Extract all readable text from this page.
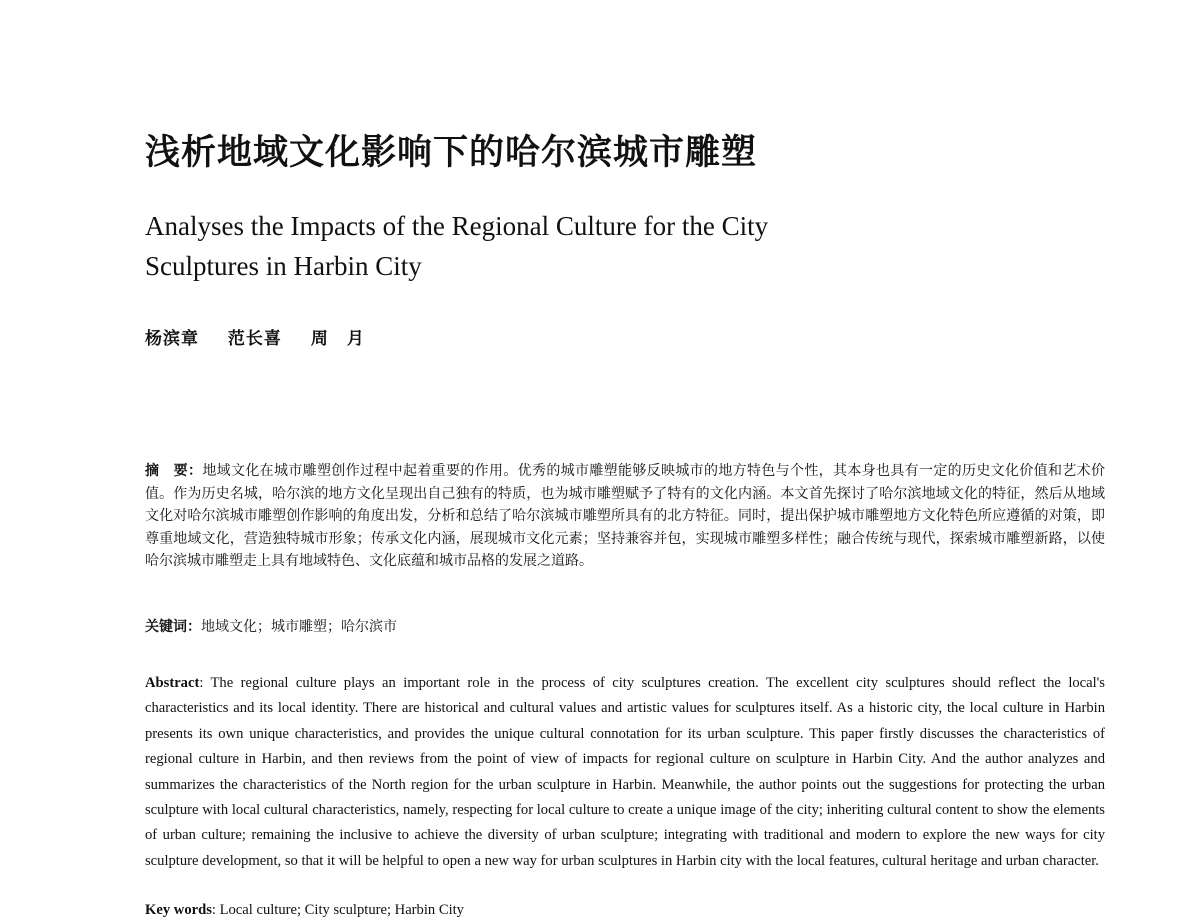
浅析地域文化影响下的哈尔滨城市雕塑
Analyses the Impacts of the Regional Culture for the City Sculptures in Harbin City
杨滨章 范长喜 周　月
摘　要：地域文化在城市雕塑创作过程中起着重要的作用。优秀的城市雕塑能够反映城市的地方特色与个性，其本身也具有一定的历史文化价值和艺术价值。作为历史名城，哈尔滨的地方文化呈现出自己独有的特质，也为城市雕塑赋予了特有的文化内涵。本文首先探讨了哈尔滨地域文化的特征，然后从地域文化对哈尔滨城市雕塑创作影响的角度出发，分析和总结了哈尔滨城市雕塑所具有的北方特征。同时，提出保护城市雕塑地方文化特色所应遵循的对策，即尊重地域文化，营造独特城市形象；传承文化内涵，展现城市文化元素；坚持兼容并包，实现城市雕塑多样性；融合传统与现代，探索城市雕塑新路，以使哈尔滨城市雕塑走上具有地域特色、文化底蕴和城市品格的发展之道路。
关键词：地域文化；城市雕塑；哈尔滨市
Abstract: The regional culture plays an important role in the process of city sculptures creation. The excellent city sculptures should reflect the local's characteristics and its local identity. There are historical and cultural values and artistic values for sculptures itself. As a historic city, the local culture in Harbin presents its own unique characteristics, and provides the unique cultural connotation for its urban sculpture. This paper firstly discusses the characteristics of regional culture in Harbin, and then reviews from the point of view of impacts for regional culture on sculpture in Harbin City. And the author analyzes and summarizes the characteristics of the North region for the urban sculpture in Harbin. Meanwhile, the author points out the suggestions for protecting the urban sculpture with local cultural characteristics, namely, respecting for local culture to create a unique image of the city; inheriting cultural content to show the elements of urban culture; remaining the inclusive to achieve the diversity of urban sculpture; integrating with traditional and modern to explore the new ways for city sculpture development, so that it will be helpful to open a new way for urban sculptures in Harbin city with the local features, cultural heritage and urban character.
Key words: Local culture; City sculpture; Harbin City
